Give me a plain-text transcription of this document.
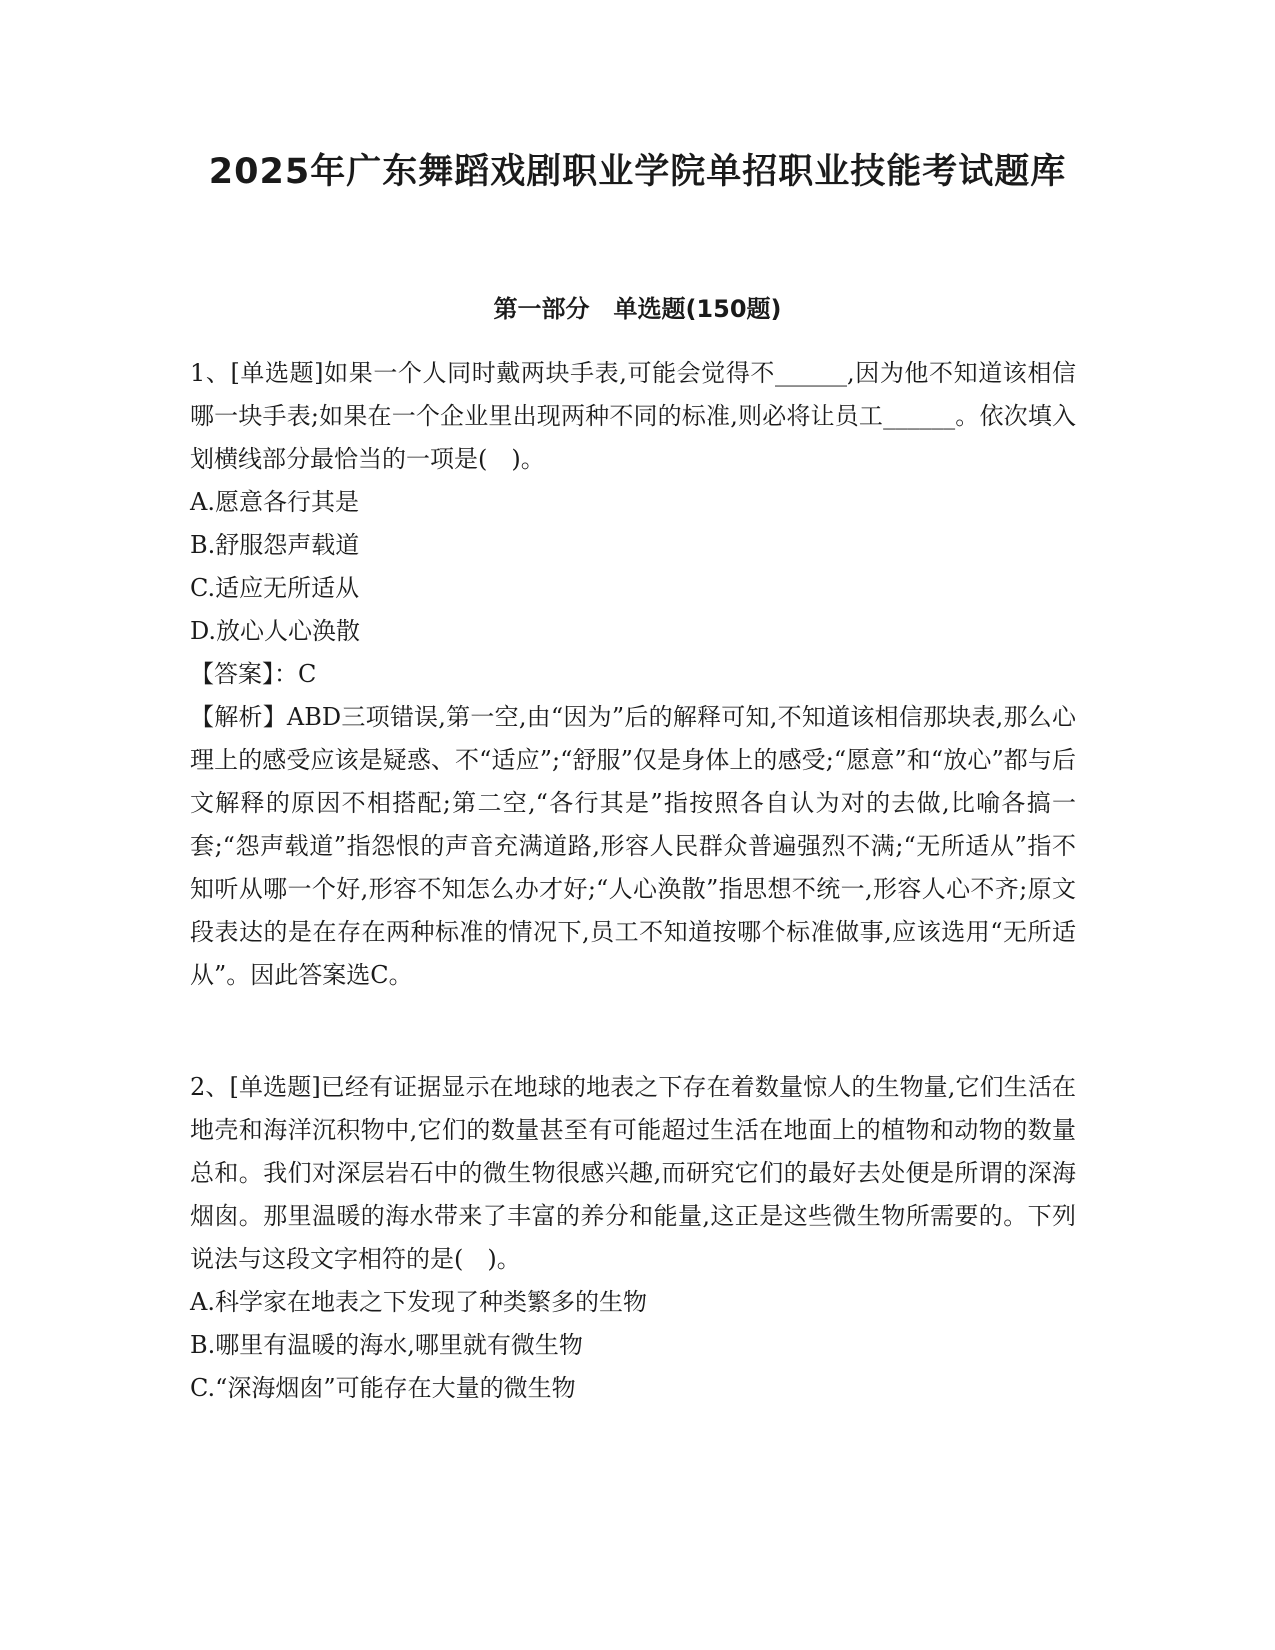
2025年广东舞蹈戏剧职业学院单招职业技能考试题库
第一部分　单选题(150题)

1、[单选题]如果一个人同时戴两块手表,可能会觉得不______,因为他不知道该相信哪一块手表;如果在一个企业里出现两种不同的标准,则必将让员工______。依次填入划横线部分最恰当的一项是(　)。

A.愿意各行其是

B.舒服怨声载道

C.适应无所适从

D.放心人心涣散

【答案】：C

【解析】ABD三项错误,第一空,由“因为”后的解释可知,不知道该相信那块表,那么心理上的感受应该是疑惑、不“适应”;“舒服”仅是身体上的感受;“愿意”和“放心”都与后文解释的原因不相搭配;第二空,“各行其是”指按照各自认为对的去做,比喻各搞一套;“怨声载道”指怨恨的声音充满道路,形容人民群众普遍强烈不满;“无所适从”指不知听从哪一个好,形容不知怎么办才好;“人心涣散”指思想不统一,形容人心不齐;原文段表达的是在存在两种标准的情况下,员工不知道按哪个标准做事,应该选用“无所适从”。因此答案选C。

2、[单选题]已经有证据显示在地球的地表之下存在着数量惊人的生物量,它们生活在地壳和海洋沉积物中,它们的数量甚至有可能超过生活在地面上的植物和动物的数量总和。我们对深层岩石中的微生物很感兴趣,而研究它们的最好去处便是所谓的深海烟囱。那里温暖的海水带来了丰富的养分和能量,这正是这些微生物所需要的。下列说法与这段文字相符的是(　)。

A.科学家在地表之下发现了种类繁多的生物

B.哪里有温暖的海水,哪里就有微生物

C.“深海烟囱”可能存在大量的微生物
